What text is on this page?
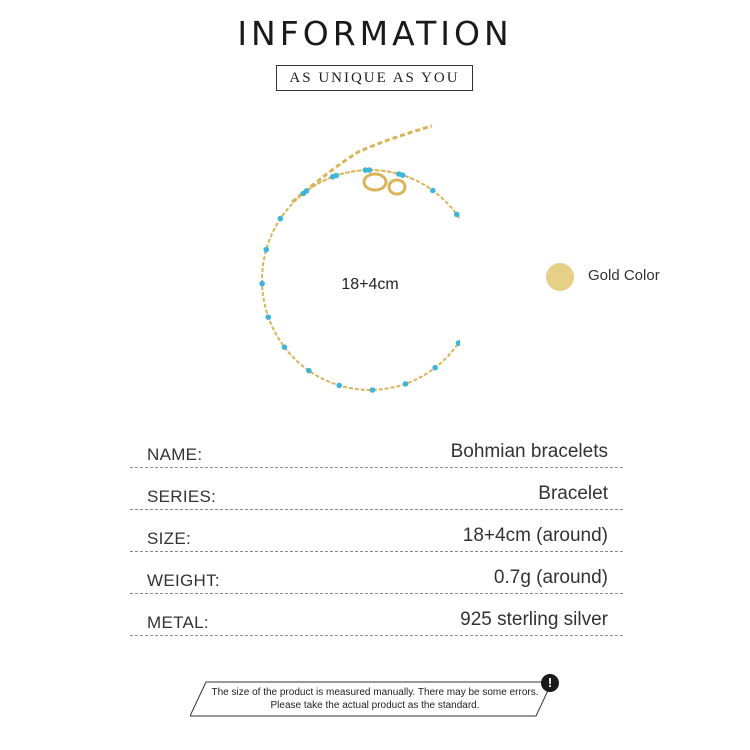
INFORMATION
AS UNIQUE AS YOU
18+4cm
Gold Color
NAME:	Bohmian bracelets
SERIES:	Bracelet
SIZE:	18+4cm (around)
WEIGHT:	0.7g (around)
METAL:	925 sterling silver
The size of the product is measured manually. There may be some errors.
Please take the actual product as the standard.
!
